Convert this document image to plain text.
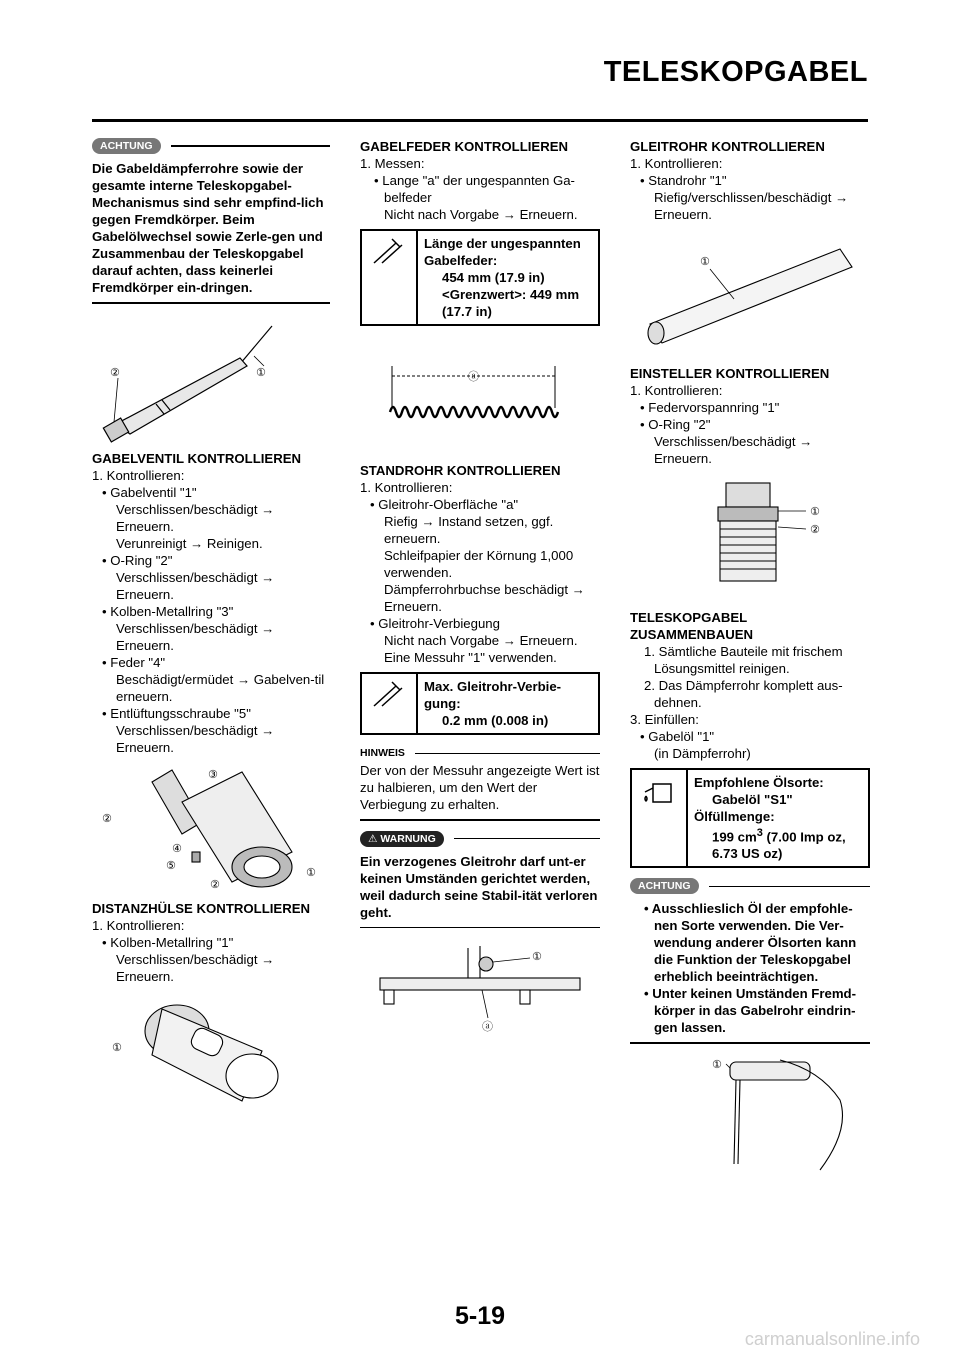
TELESKOPGABEL
ACHTUNG

Die Gabeldämpferrohre sowie der gesamte interne Teleskopgabel-Mechanismus sind sehr empfind-lich gegen Fremdkörper. Beim Gabelölwechsel sowie Zerle-gen und Zusammenbau der Teleskopgabel darauf achten, dass keinerlei Fremdkörper ein-dringen.

①
②
GABELVENTIL KONTROLLIEREN
1. Kontrollieren:
• Gabelventil "1"
Verschlissen/beschädigt → Erneuern.
Verunreinigt → Reinigen.
• O-Ring "2"
Verschlissen/beschädigt → Erneuern.
• Kolben-Metallring "3"
Verschlissen/beschädigt → Erneuern.
• Feder "4"
Beschädigt/ermüdet → Gabelven-til erneuern.
• Entlüftungsschraube "5"
Verschlissen/beschädigt → Erneuern.
③
②
④
⑤
②
①
DISTANZHÜLSE KONTROLLIEREN
1. Kontrollieren:
• Kolben-Metallring "1"
Verschlissen/beschädigt → Erneuern.
①
GABELFEDER KONTROLLIEREN
1. Messen:
• Lange "a" der ungespannten Ga-belfeder
Nicht nach Vorgabe → Erneuern.
Länge der ungespannten Gabelfeder:
454 mm (17.9 in)
<Grenzwert>: 449 mm (17.7 in)
ⓐ
STANDROHR KONTROLLIEREN
1. Kontrollieren:
• Gleitrohr-Oberfläche "a"
Riefig → Instand setzen, ggf. erneuern.
Schleifpapier der Körnung 1,000 verwenden.
Dämpferrohrbuchse beschädigt → Erneuern.
• Gleitrohr-Verbiegung
Nicht nach Vorgabe → Erneuern.
Eine Messuhr "1" verwenden.
Max. Gleitrohr-Verbie-gung:
0.2 mm (0.008 in)
HINWEIS

Der von der Messuhr angezeigte Wert ist zu halbieren, um den Wert der Verbiegung zu erhalten.

⚠ WARNUNG

Ein verzogenes Gleitrohr darf unt-er keinen Umständen gerichtet werden, weil dadurch seine Stabil-ität verloren geht.

①
ⓐ
GLEITROHR KONTROLLIEREN
1. Kontrollieren:
• Standrohr "1"
Riefig/verschlissen/beschädigt → Erneuern.
①
EINSTELLER KONTROLLIEREN
1. Kontrollieren:
• Federvorspannring "1"
• O-Ring "2"
Verschlissen/beschädigt → Erneuern.
①
②
TELESKOPGABEL ZUSAMMENBAUEN
1. Sämtliche Bauteile mit frischem Lösungsmittel reinigen.
2. Das Dämpferrohr komplett aus-dehnen.
3. Einfüllen:
• Gabelöl "1"
(in Dämpferrohr)
Empfohlene Ölsorte:
Gabelöl "S1"
Ölfüllmenge:
199 $cm^3$ (7.00 Imp oz, 6.73 US oz)
ACHTUNG
• Ausschlieslich Öl der empfohle-nen Sorte verwenden. Die Ver-wendung anderer Ölsorten kann die Funktion der Teleskopgabel erheblich beeinträchtigen.
• Unter keinen Umständen Fremd-körper in das Gabelrohr eindrin-gen lassen.
①
5-19
carmanualsonline.info
